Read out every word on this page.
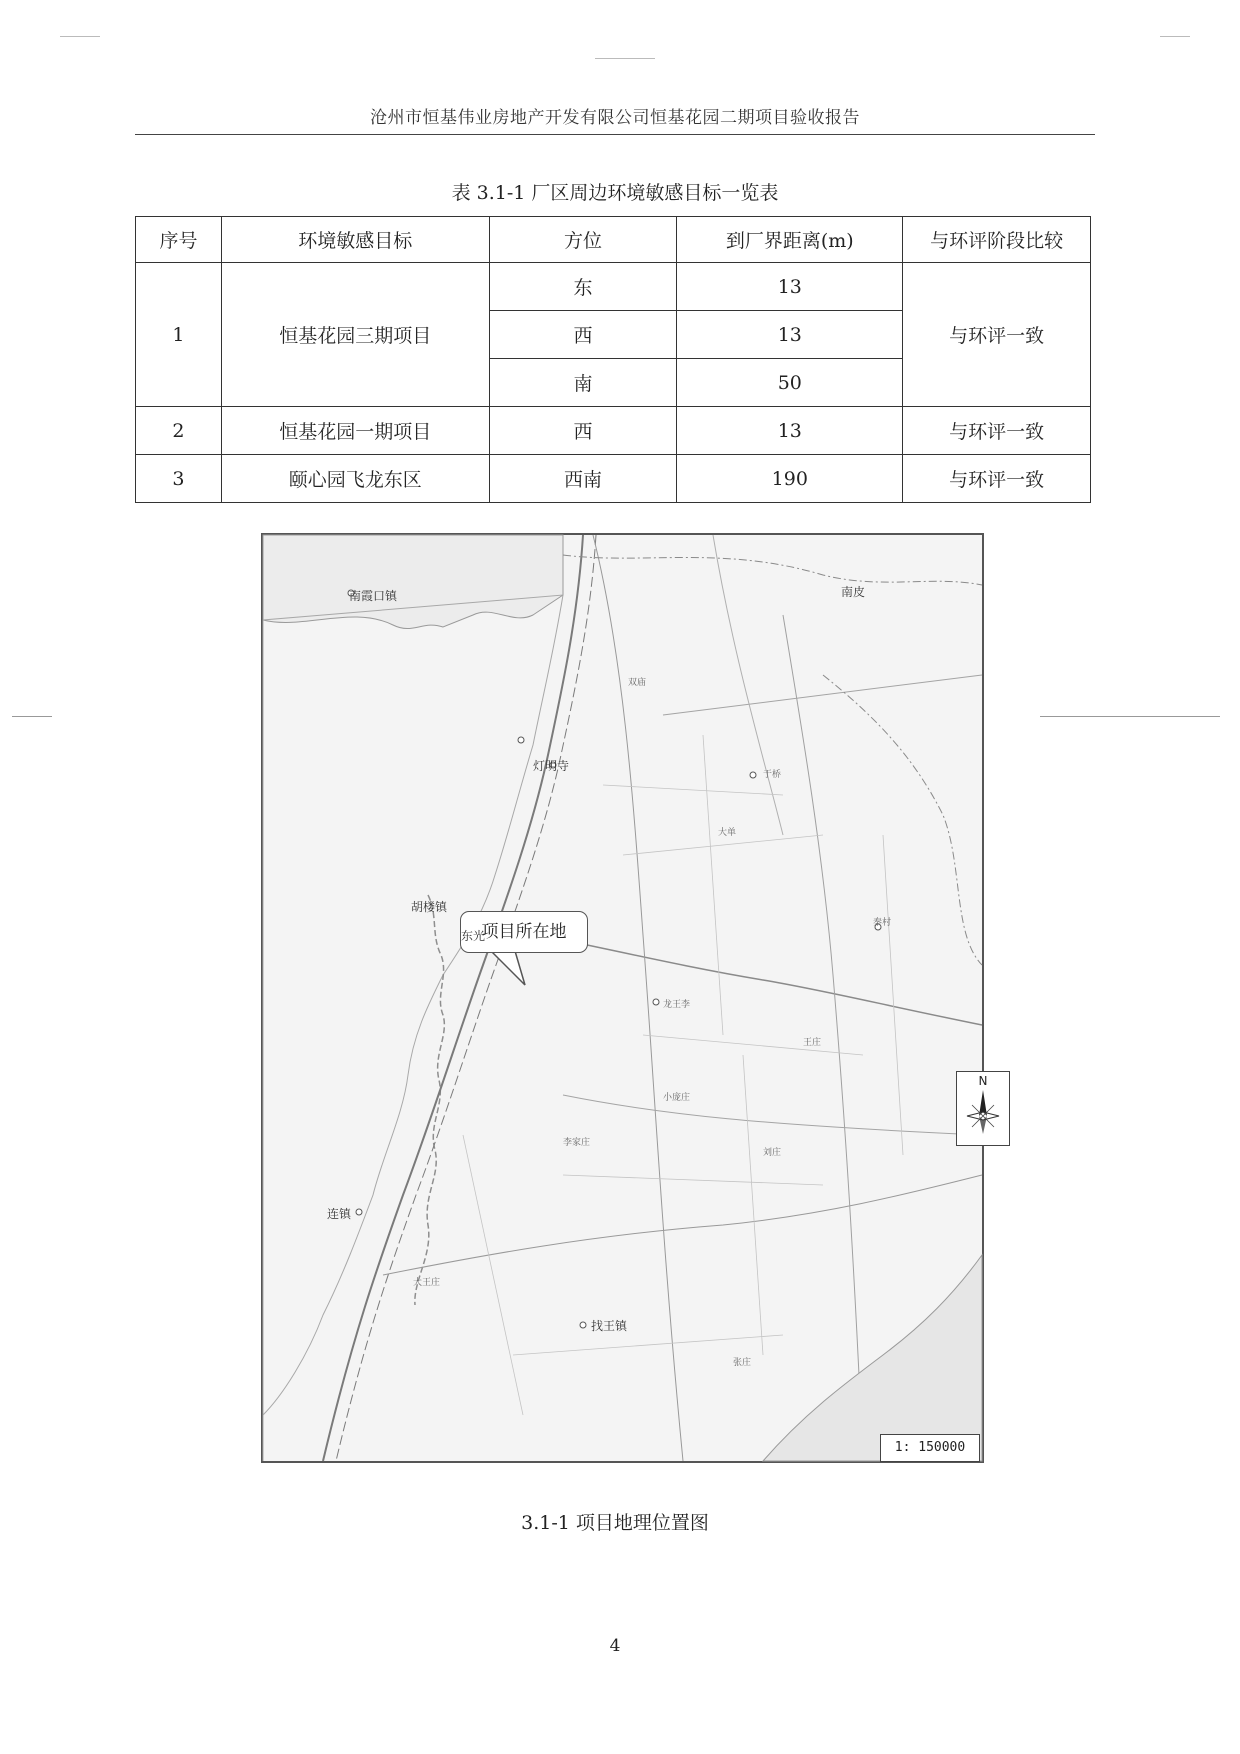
沧州市恒基伟业房地产开发有限公司恒基花园二期项目验收报告
表 3.1-1 厂区周边环境敏感目标一览表
序号	环境敏感目标	方位	到厂界距离(m)	与环评阶段比较
1	恒基花园三期项目	东	13	与环评一致
		西	13	
		南	50	
2	恒基花园一期项目	西	13	与环评一致
3	颐心园飞龙东区	西南	190	与环评一致
N
项目所在地
东光
南皮
连镇
胡楼镇
灯明寺
找王镇
于桥
南霞口镇
龙王李
秦村
大单
双庙
刘庄
小庞庄
大王庄
王庄
李家庄
张庄
1: 150000
3.1-1 项目地理位置图
4
